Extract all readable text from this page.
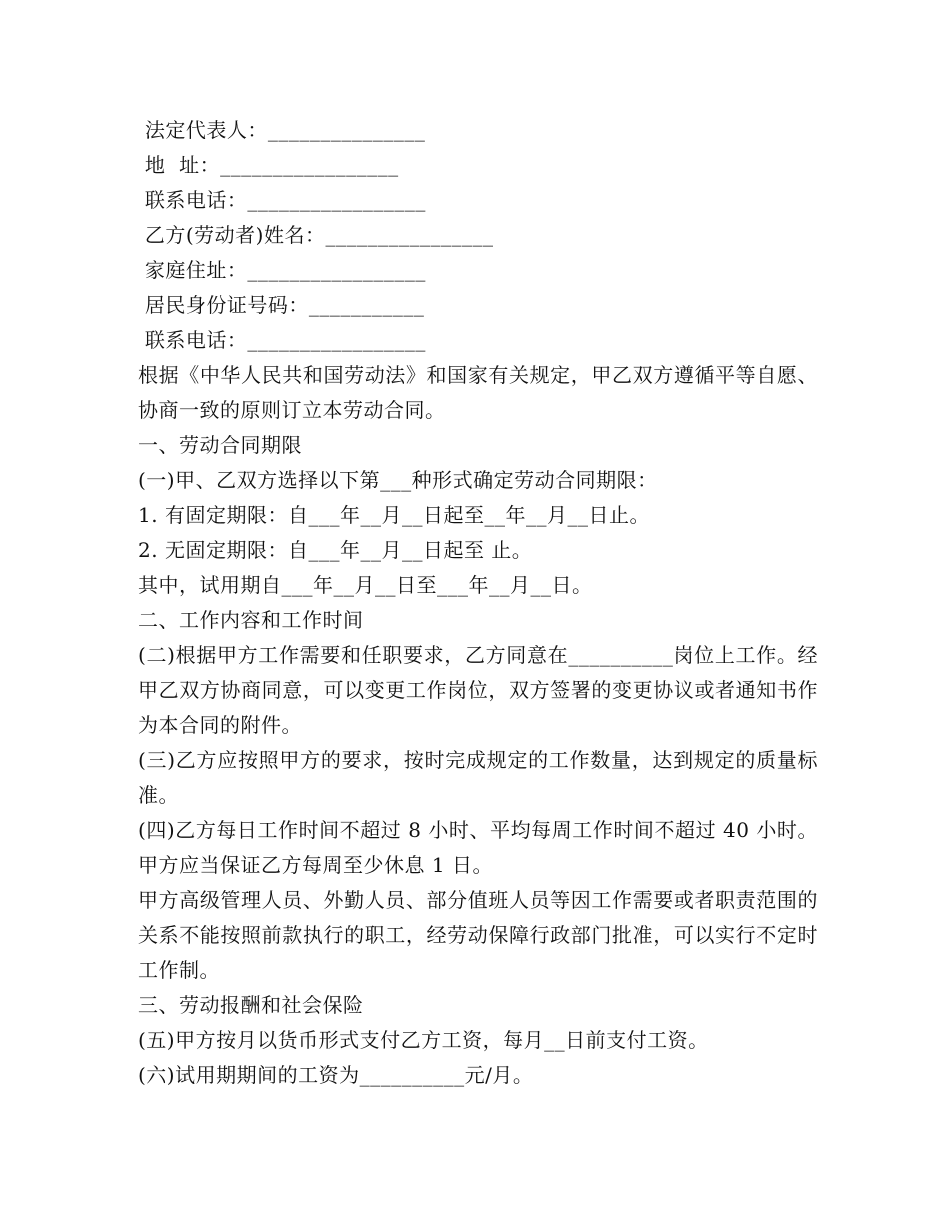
法定代表人：_______________
地  址：_________________
联系电话：_________________
乙方(劳动者)姓名：________________
家庭住址：_________________
居民身份证号码：___________
联系电话：_________________
根据《中华人民共和国劳动法》和国家有关规定，甲乙双方遵循平等自愿、协商一致的原则订立本劳动合同。
一、劳动合同期限
(一)甲、乙双方选择以下第___种形式确定劳动合同期限：
1. 有固定期限：自___年__月__日起至__年__月__日止。
2. 无固定期限：自___年__月__日起至 止。
其中，试用期自___年__月__日至___年__月__日。
二、工作内容和工作时间
(二)根据甲方工作需要和任职要求，乙方同意在__________岗位上工作。经甲乙双方协商同意，可以变更工作岗位，双方签署的变更协议或者通知书作为本合同的附件。
(三)乙方应按照甲方的要求，按时完成规定的工作数量，达到规定的质量标准。
(四)乙方每日工作时间不超过 8 小时、平均每周工作时间不超过 40 小时。甲方应当保证乙方每周至少休息 1 日。
甲方高级管理人员、外勤人员、部分值班人员等因工作需要或者职责范围的关系不能按照前款执行的职工，经劳动保障行政部门批准，可以实行不定时工作制。
三、劳动报酬和社会保险
(五)甲方按月以货币形式支付乙方工资，每月__日前支付工资。
(六)试用期期间的工资为__________元/月。
